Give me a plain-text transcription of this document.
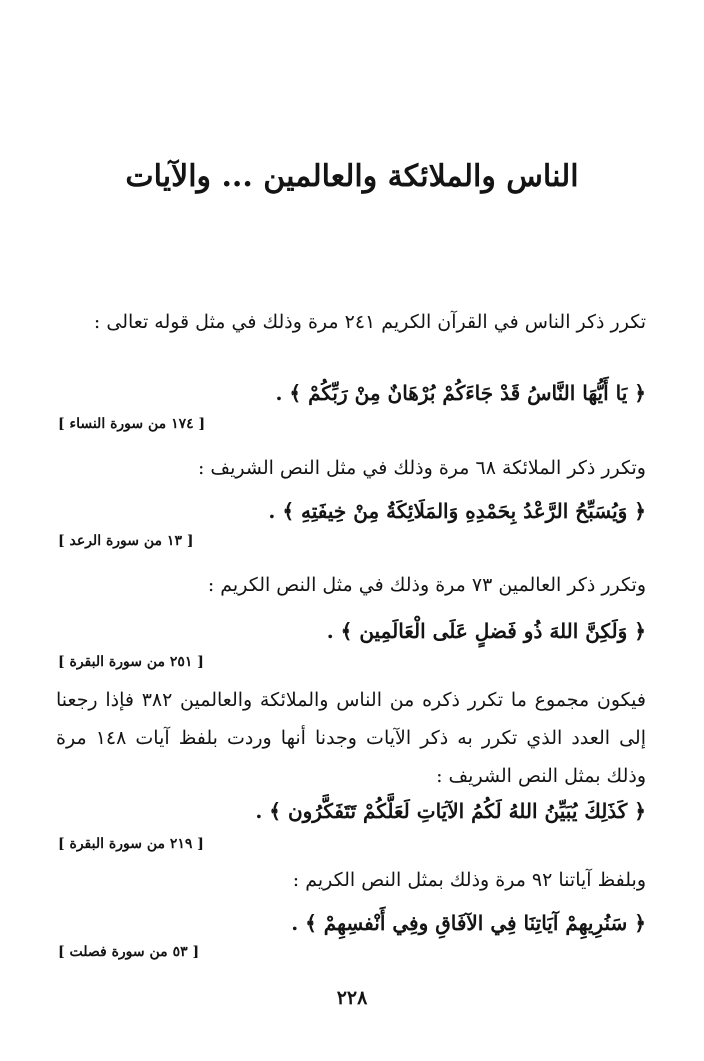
الناس والملائكة والعالمين ... والآيات
تكرر ذكر الناس في القرآن الكريم ٢٤١ مرة وذلك في مثل قوله تعالى :
﴿ يَا أَيُّهَا النَّاسُ قَدْ جَاءَكُمْ بُرْهَانٌ مِنْ رَبِّكُمْ ﴾ .
[ ١٧٤ من سورة النساء ]
وتكرر ذكر الملائكة ٦٨ مرة وذلك في مثل النص الشريف :
﴿ وَيُسَبِّحُ الرَّعْدُ بِحَمْدِهِ وَالمَلَائِكَةُ مِنْ خِيفَتِهِ ﴾ .
[ ١٣ من سورة الرعد ]
وتكرر ذكر العالمين ٧٣ مرة وذلك في مثل النص الكريم :
﴿ وَلَكِنَّ اللهَ ذُو فَضلٍ عَلَى الْعَالَمِين ﴾ .
[ ٢٥١ من سورة البقرة ]
فيكون مجموع ما تكرر ذكره من الناس والملائكة والعالمين ٣٨٢ فإذا رجعنا إلى العدد الذي تكرر به ذكر الآيات وجدنا أنها وردت بلفظ آيات ١٤٨ مرة وذلك بمثل النص الشريف :
﴿ كَذَلِكَ يُبَيِّنُ اللهُ لَكُمُ الآيَاتِ لَعَلَّكُمْ تَتَفَكَّرُون ﴾ .
[ ٢١٩ من سورة البقرة ]
وبلفظ آياتنا ٩٢ مرة وذلك بمثل النص الكريم :
﴿ سَنُرِيهِمْ آيَاتِنَا فِي الآفَاقِ وفِي أَنْفسِهِمْ ﴾ .
[ ٥٣ من سورة فصلت ]
٢٢٨
